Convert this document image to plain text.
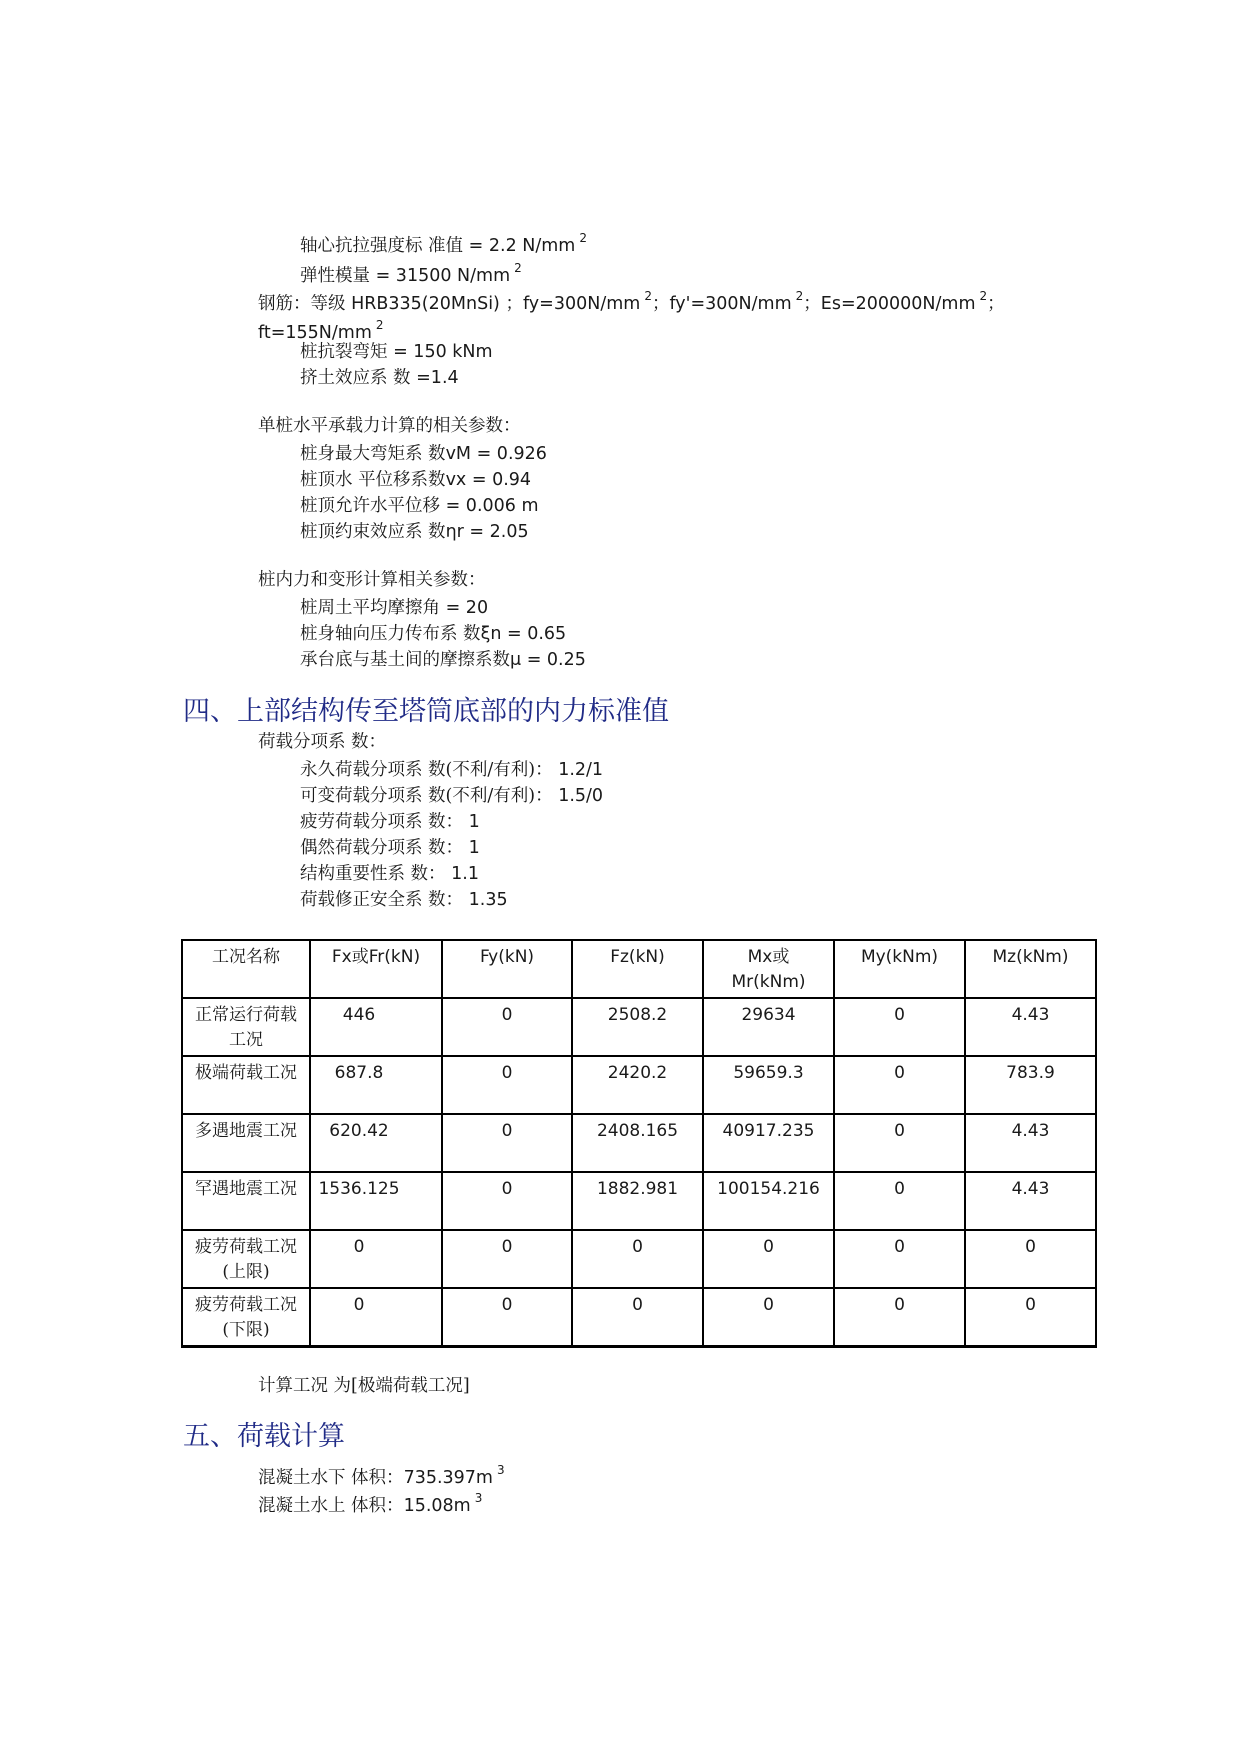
轴心抗拉强度标 准值 = 2.2 N/mm $^2$
弹性模量 = 31500 N/mm $^2$
钢筋：等级 HRB335(20MnSi) ；fy=300N/mm $^2$；fy'=300N/mm $^2$；Es=200000N/mm $^2$；
ft=155N/mm $^2$
桩抗裂弯矩 = 150 kNm
挤土效应系 数 =1.4
单桩水平承载力计算的相关参数：
桩身最大弯矩系 数vM = 0.926
桩顶水 平位移系数vx = 0.94
桩顶允许水平位移 = 0.006 m
桩顶约束效应系 数ηr = 2.05
桩内力和变形计算相关参数：
桩周土平均摩擦角 = 20
桩身轴向压力传布系 数ξn = 0.65
承台底与基土间的摩擦系数μ = 0.25
四、上部结构传至塔筒底部的内力标准值
荷载分项系 数：
永久荷载分项系 数(不利/有利)： 1.2/1
可变荷载分项系 数(不利/有利)： 1.5/0
疲劳荷载分项系 数： 1
偶然荷载分项系 数： 1
结构重要性系 数： 1.1
荷载修正安全系 数： 1.35
工况名称	Fx或Fr(kN)	Fy(kN)	Fz(kN)	Mx或 Mr(kNm)	My(kNm)	Mz(kNm)
正常运行荷载工况	446	0	2508.2	29634	0	4.43
极端荷载工况	687.8	0	2420.2	59659.3	0	783.9
多遇地震工况	620.42	0	2408.165	40917.235	0	4.43
罕遇地震工况	1536.125	0	1882.981	100154.216	0	4.43
疲劳荷载工况(上限)	0	0	0	0	0	0
疲劳荷载工况(下限)	0	0	0	0	0	0
计算工况 为[极端荷载工况]
五、荷载计算
混凝土水下 体积：735.397m $^3$
混凝土水上 体积：15.08m $^3$
